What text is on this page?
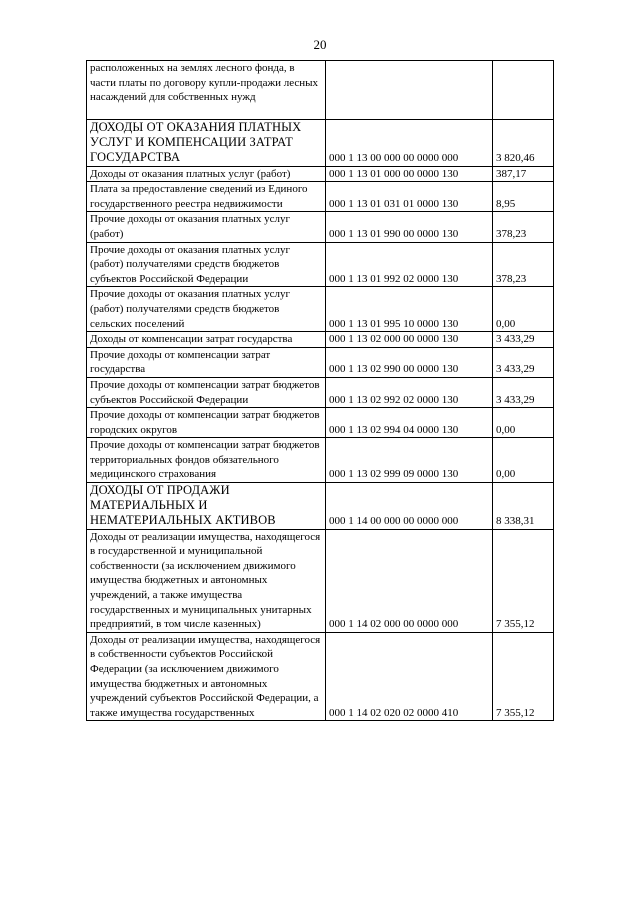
20
расположенных на землях лесного фонда, в части платы по договору купли-продажи лесных насаждений для собственных нужд		
ДОХОДЫ ОТ ОКАЗАНИЯ ПЛАТНЫХ УСЛУГ И КОМПЕНСАЦИИ ЗАТРАТ ГОСУДАРСТВА	000 1 13 00 000 00 0000 000	3 820,46
Доходы от оказания платных услуг (работ)	000 1 13 01 000 00 0000 130	387,17
Плата за предоставление сведений из Единого государственного реестра недвижимости	000 1 13 01 031 01 0000 130	8,95
Прочие доходы от оказания платных услуг (работ)	000 1 13 01 990 00 0000 130	378,23
Прочие доходы от оказания платных услуг (работ) получателями средств бюджетов субъектов Российской Федерации	000 1 13 01 992 02 0000 130	378,23
Прочие доходы от оказания платных услуг (работ) получателями средств бюджетов сельских поселений	000 1 13 01 995 10 0000 130	0,00
Доходы от компенсации затрат государства	000 1 13 02 000 00 0000 130	3 433,29
Прочие доходы от компенсации затрат государства	000 1 13 02 990 00 0000 130	3 433,29
Прочие доходы от компенсации затрат бюджетов субъектов Российской Федерации	000 1 13 02 992 02 0000 130	3 433,29
Прочие доходы от компенсации затрат бюджетов городских округов	000 1 13 02 994 04 0000 130	0,00
Прочие доходы от компенсации затрат бюджетов территориальных фондов обязательного медицинского страхования	000 1 13 02 999 09 0000 130	0,00
ДОХОДЫ ОТ ПРОДАЖИ МАТЕРИАЛЬНЫХ И НЕМАТЕРИАЛЬНЫХ АКТИВОВ	000 1 14 00 000 00 0000 000	8 338,31
Доходы от реализации имущества, находящегося в государственной и муниципальной собственности (за исключением движимого имущества бюджетных и автономных учреждений, а также имущества государственных и муниципальных унитарных предприятий, в том числе казенных)	000 1 14 02 000 00 0000 000	7 355,12
Доходы от реализации имущества, находящегося в собственности субъектов Российской Федерации (за исключением движимого имущества бюджетных и автономных учреждений субъектов Российской Федерации, а также имущества государственных	000 1 14 02 020 02 0000 410	7 355,12
